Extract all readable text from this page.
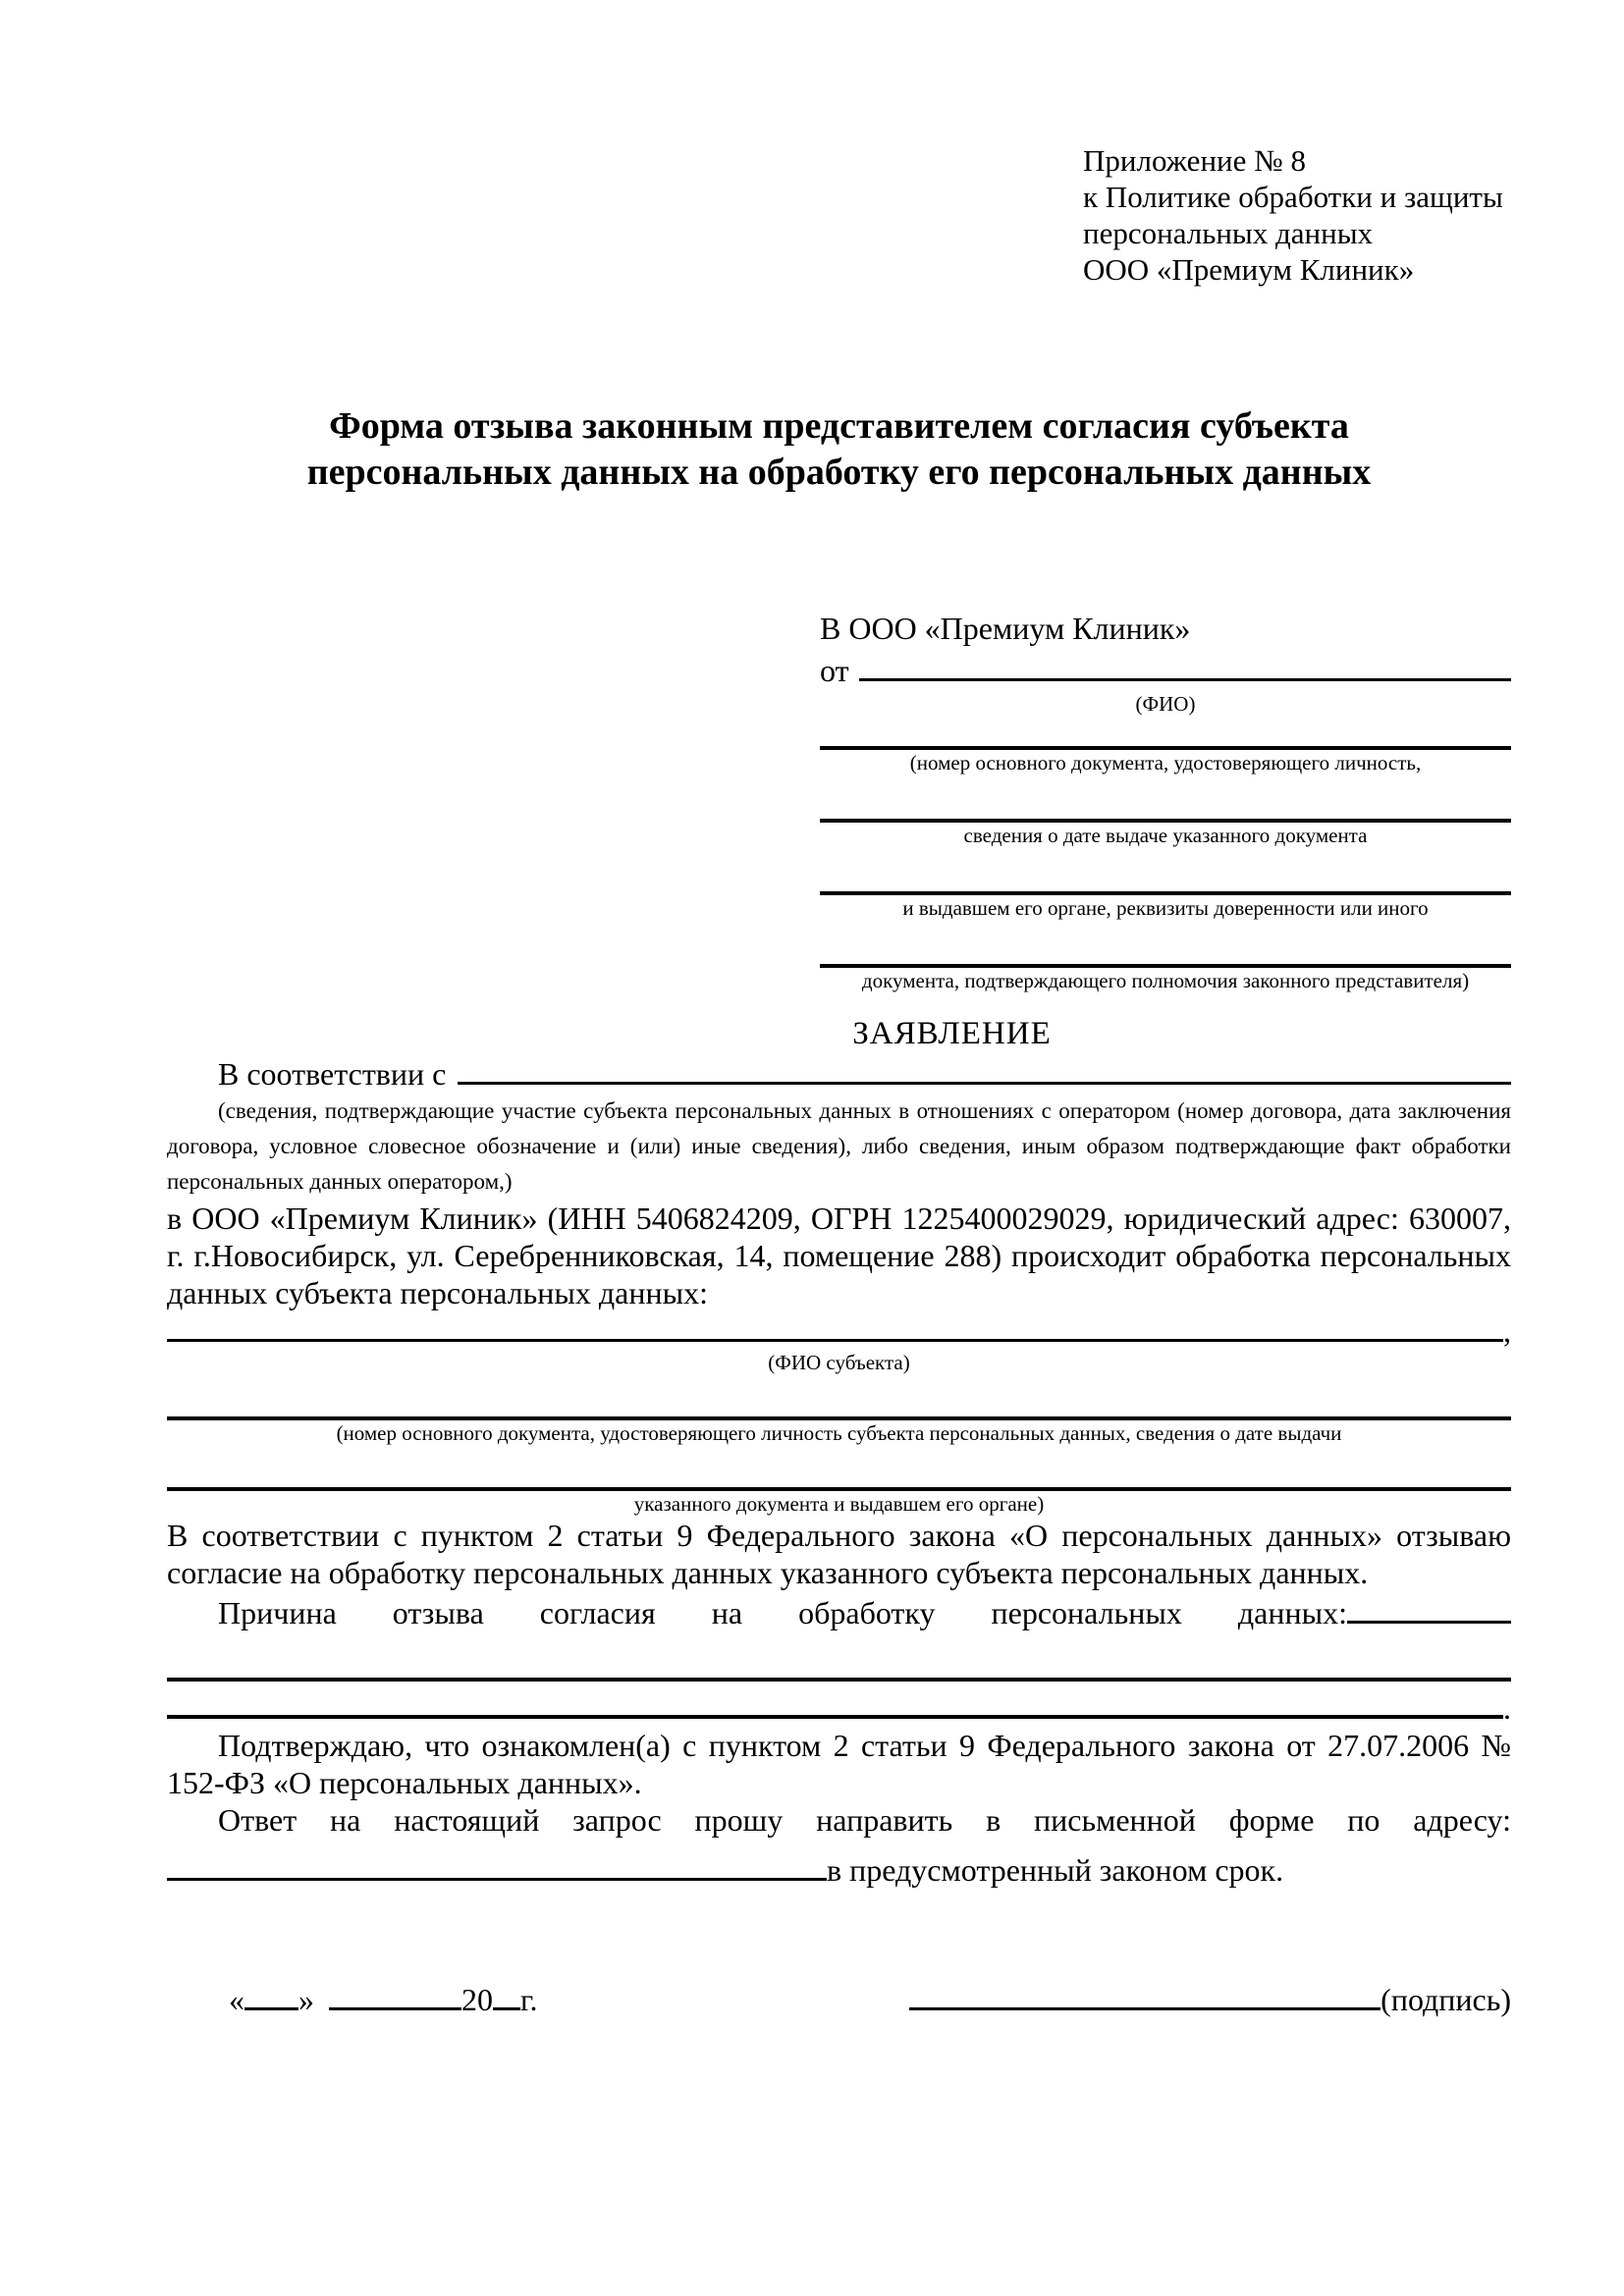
Приложение № 8
к Политике обработки и защиты
персональных данных
ООО «Премиум Клиник»
Форма отзыва законным представителем согласия субъекта персональных данных на обработку его персональных данных
В ООО «Премиум Клиник»
от
(ФИО)
(номер основного документа, удостоверяющего личность,
сведения о дате выдаче указанного документа
и выдавшем его органе, реквизиты доверенности или иного
документа, подтверждающего полномочия законного представителя)
ЗАЯВЛЕНИЕ
В соответствии с
(сведения, подтверждающие участие субъекта персональных данных в отношениях с оператором (номер договора, дата заключения договора, условное словесное обозначение и (или) иные сведения), либо сведения, иным образом подтверждающие факт обработки персональных данных оператором,)

в ООО «Премиум Клиник» (ИНН 5406824209, ОГРН 1225400029029, юридический адрес: 630007, г. г.Новосибирск, ул. Серебренниковская, 14, помещение 288) происходит обработка персональных данных субъекта персональных данных:

,
(ФИО субъекта)
(номер основного документа, удостоверяющего личность субъекта персональных данных, сведения о дате выдачи
указанного документа и выдавшем его органе)

В соответствии с пунктом 2 статьи 9 Федерального закона «О персональных данных» отзываю согласие на обработку персональных данных указанного субъекта персональных данных.

Причина отзыва согласия на обработку персональных данных:
.

Подтверждаю, что ознакомлен(а) с пунктом 2 статьи 9 Федерального закона от 27.07.2006 № 152-ФЗ «О персональных данных».

Ответ на настоящий запрос прошу направить в письменной форме по адресу:

в предусмотренный законом срок.
« »	20 г.	(подпись)
